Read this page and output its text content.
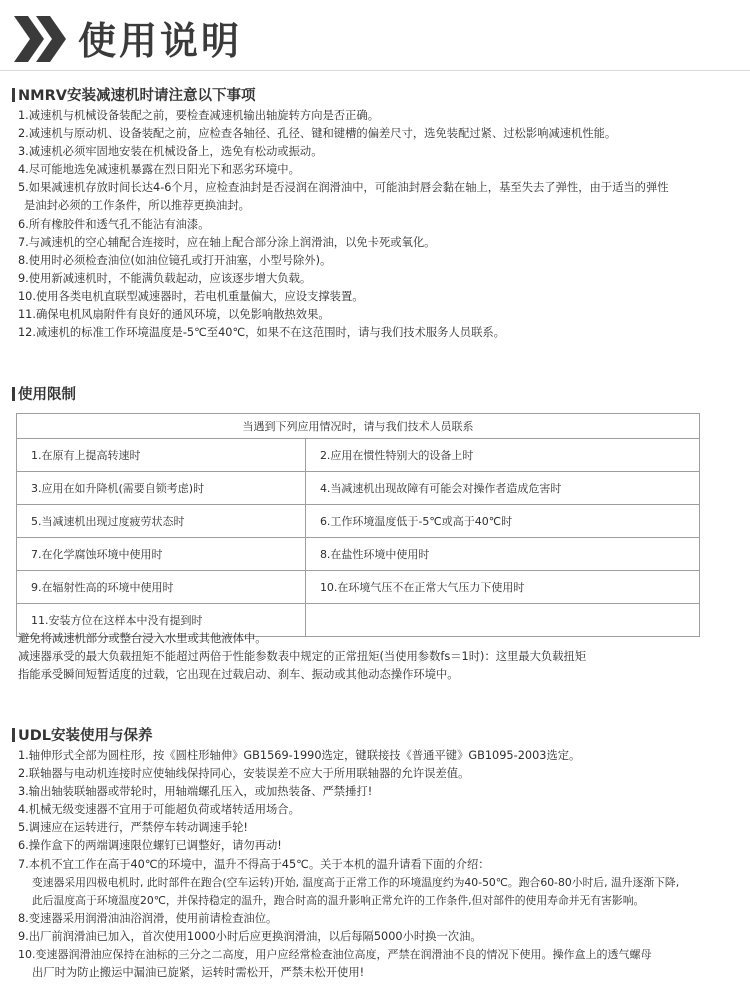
使用说明
NMRV安装减速机时请注意以下事项
1.减速机与机械设备装配之前，要检查减速机输出轴旋转方向是否正确。
2.减速机与原动机、设备装配之前，应检查各轴径、孔径、键和键槽的偏差尺寸，选免装配过紧、过松影响减速机性能。
3.减速机必须牢固地安装在机械设备上，选免有松动或振动。
4.尽可能地选免减速机暴露在烈日阳光下和恶劣环境中。
5.如果减速机存放时间长达4-6个月，应检查油封是否浸润在润滑油中，可能油封唇会黏在轴上，基至失去了弹性，由于适当的弹性
是油封必须的工作条件，所以推荐更换油封。
6.所有橡胶件和透气孔不能沾有油漆。
7.与减速机的空心辅配合连接时，应在轴上配合部分涂上润滑油，以免卡死或氧化。
8.使用时必须检查油位(如油位镜孔或打开油塞，小型号除外)。
9.使用新减速机时，不能满负载起动，应该逐步增大负载。
10.使用各类电机直联型减速器时，若电机重量偏大，应设支撑装置。
11.确保电机风扇附件有良好的通风环境，以免影响散热效果。
12.减速机的标准工作环境温度是-5℃至40℃，如果不在这范围时，请与我们技术服务人员联系。
使用限制
当遇到下列应用情况时，请与我们技术人员联系	
1.在原有上提高转速时	2.应用在惯性特别大的设备上时
3.应用在如升降机(需要自锁考虑)时	4.当减速机出现故障有可能会对操作者造成危害时
5.当减速机出现过度疲劳状态时	6.工作环境温度低于-5℃或高于40℃时
7.在化学腐蚀环境中使用时	8.在盐性环境中使用时
9.在辐射性高的环境中使用时	10.在环境气压不在正常大气压力下使用时
11.安装方位在这样本中没有提到时	
避免将减速机部分或整台浸入水里或其他液体中。
减速器承受的最大负载扭矩不能超过两倍于性能参数表中规定的正常扭矩(当使用参数fs＝1时)：这里最大负载扭矩
指能承受瞬间短暂适度的过载，它出现在过载启动、刹车、振动或其他动态操作环境中。
UDL安装使用与保养
1.轴伸形式全部为圆柱形，按《圆柱形轴伸》GB1569-1990选定，键联接技《普通平键》GB1095-2003选定。
2.联轴器与电动机连接时应使轴线保持同心，安装误差不应大于所用联轴器的允许误差值。
3.输出轴装联轴器或带轮时，用轴端螺孔压入，或加热装备、严禁捶打!
4.机械无级变速器不宜用于可能超负荷或堵转适用场合。
5.调速应在运转进行，严禁停车转动调速手轮!
6.操作盒下的两端调速限位螺钉已调整好，请勿再动!
7.本机不宜工作在高于40℃的环境中，温升不得高于45℃。关于本机的温升请看下面的介绍：
变速器采用四极电机时, 此时部件在跑合(空车运转)开始, 温度高于正常工作的环境温度约为40-50℃。跑合60-80小时后, 温升逐渐下降,
此后温度高于环境温度20℃，并保持稳定的温升，跑合时高的温升影响正常允许的工作条件,但对部件的使用寿命并无有害影响。
8.变速器采用润滑油油浴润滑，使用前请检查油位。
9.出厂前润滑油已加入，首次使用1000小时后应更换润滑油，以后每隔5000小时换一次油。
10.变速器润滑油应保持在油标的三分之二高度，用户应经常检查油位高度，严禁在润滑油不良的情况下使用。操作盒上的透气螺母
出厂时为防止搬运中漏油已旋紧，运转时需松开，严禁未松开使用!
